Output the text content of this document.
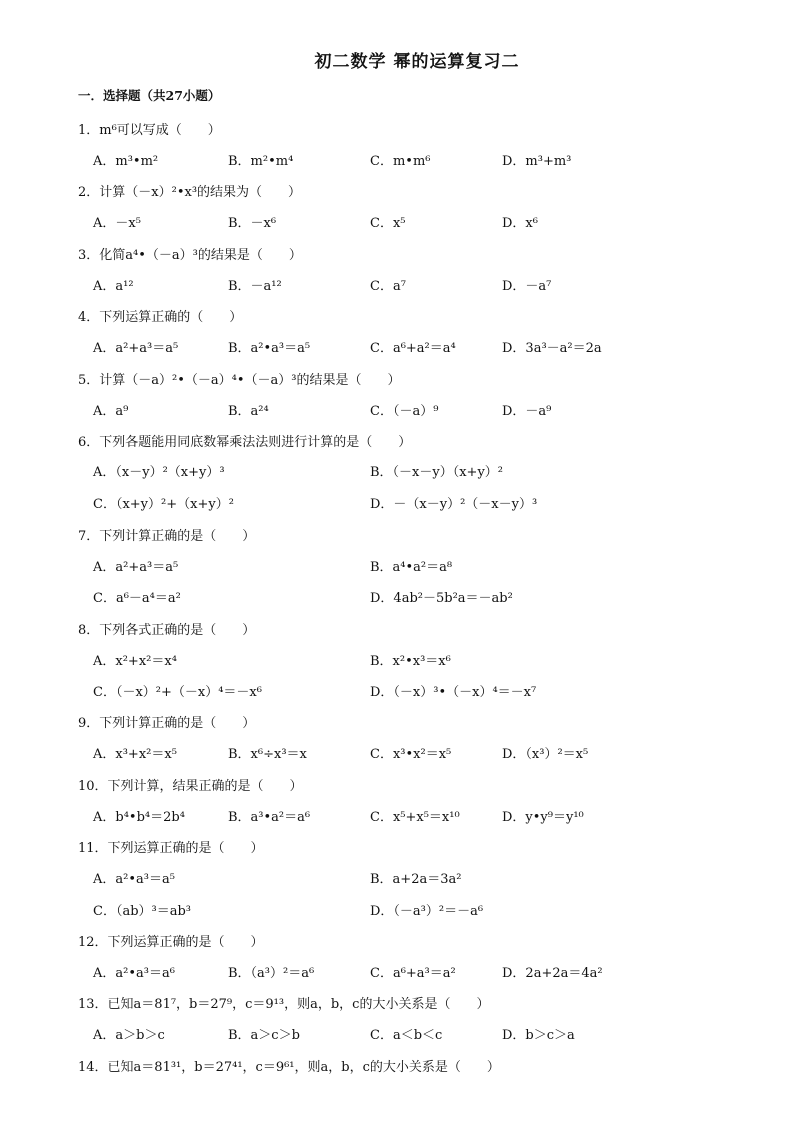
初二数学 幂的运算复习二
一．选择题（共27小题）
1．m⁶可以写成（　　）
A．m³•m²	B．m²•m⁴	C．m•m⁶	D．m³+m³
2．计算（－x）²•x³的结果为（　　）
A．－x⁵	B．－x⁶	C．x⁵	D．x⁶
3．化简a⁴•（－a）³的结果是（　　）
A．a¹²	B．－a¹²	C．a⁷	D．－a⁷
4．下列运算正确的（　　）
A．a²+a³＝a⁵	B．a²•a³＝a⁵	C．a⁶+a²＝a⁴	D．3a³－a²＝2a
5．计算（－a）²•（－a）⁴•（－a）³的结果是（　　）
A．a⁹	B．a²⁴	C．（－a）⁹	D．－a⁹
6．下列各题能用同底数幂乘法法则进行计算的是（　　）
A．（x－y）²（x+y）³	B．（－x－y）（x+y）²
C．（x+y）²+（x+y）²	D．－（x－y）²（－x－y）³
7．下列计算正确的是（　　）
A．a²+a³＝a⁵	B．a⁴•a²＝a⁸
C．a⁶－a⁴＝a²	D．4ab²－5b²a＝－ab²
8．下列各式正确的是（　　）
A．x²+x²＝x⁴	B．x²•x³＝x⁶
C．（－x）²+（－x）⁴＝－x⁶	D．（－x）³•（－x）⁴＝－x⁷
9．下列计算正确的是（　　）
A．x³+x²＝x⁵	B．x⁶÷x³＝x	C．x³•x²＝x⁵	D．（x³）²＝x⁵
10．下列计算，结果正确的是（　　）
A．b⁴•b⁴＝2b⁴	B．a³•a²＝a⁶	C．x⁵+x⁵＝x¹⁰	D．y•y⁹＝y¹⁰
11．下列运算正确的是（　　）
A．a²•a³＝a⁵	B．a+2a＝3a²
C．（ab）³＝ab³	D．（－a³）²＝－a⁶
12．下列运算正确的是（　　）
A．a²•a³＝a⁶	B．（a³）²＝a⁶	C．a⁶+a³＝a²	D．2a+2a＝4a²
13．已知a＝81⁷，b＝27⁹，c＝9¹³，则a，b，c的大小关系是（　　）
A．a＞b＞c	B．a＞c＞b	C．a＜b＜c	D．b＞c＞a
14．已知a＝81³¹，b＝27⁴¹，c＝9⁶¹，则a，b，c的大小关系是（　　）
